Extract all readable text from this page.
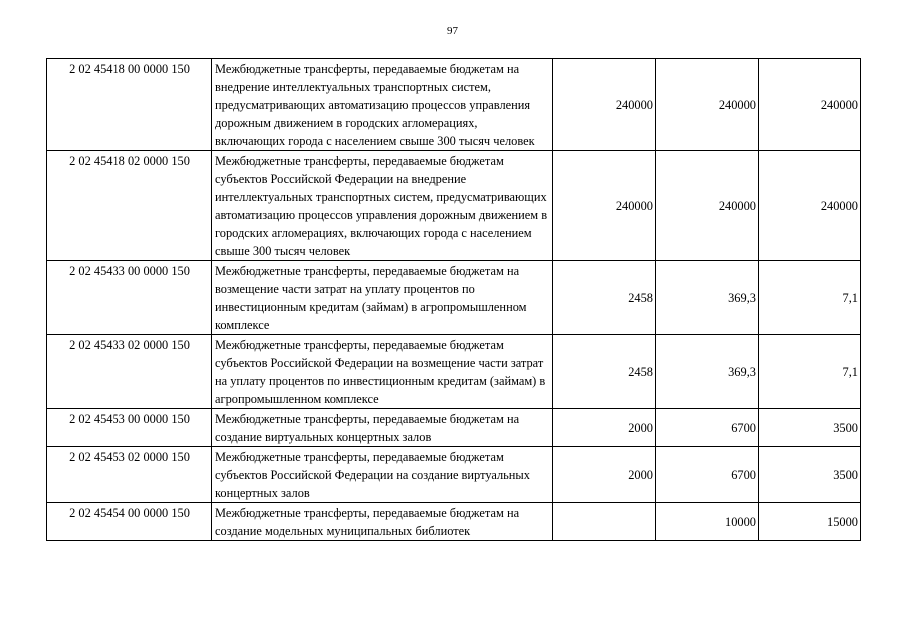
97
2 02 45418 00 0000 150	Межбюджетные трансферты, передаваемые бюджетам на внедрение интеллектуальных транспортных систем, предусматривающих автоматизацию процессов управления дорожным движением в городских агломерациях, включающих города с населением свыше 300 тысяч человек	240000	240000	240000
2 02 45418 02 0000 150	Межбюджетные трансферты, передаваемые бюджетам субъектов Российской Федерации на внедрение интеллектуальных транспортных систем, предусматривающих автоматизацию процессов управления дорожным движением в городских агломерациях, включающих города с населением свыше 300 тысяч человек	240000	240000	240000
2 02 45433 00 0000 150	Межбюджетные трансферты, передаваемые бюджетам на возмещение части затрат на уплату процентов по инвестиционным кредитам (займам) в агропромышленном комплексе	2458	369,3	7,1
2 02 45433 02 0000 150	Межбюджетные трансферты, передаваемые бюджетам субъектов Российской Федерации на возмещение части затрат на уплату процентов по инвестиционным кредитам (займам) в агропромышленном комплексе	2458	369,3	7,1
2 02 45453 00 0000 150	Межбюджетные трансферты, передаваемые бюджетам на создание виртуальных концертных залов	2000	6700	3500
2 02 45453 02 0000 150	Межбюджетные трансферты, передаваемые бюджетам субъектов Российской Федерации на создание виртуальных концертных залов	2000	6700	3500
2 02 45454 00 0000 150	Межбюджетные трансферты, передаваемые бюджетам на создание модельных муниципальных библиотек		10000	15000
